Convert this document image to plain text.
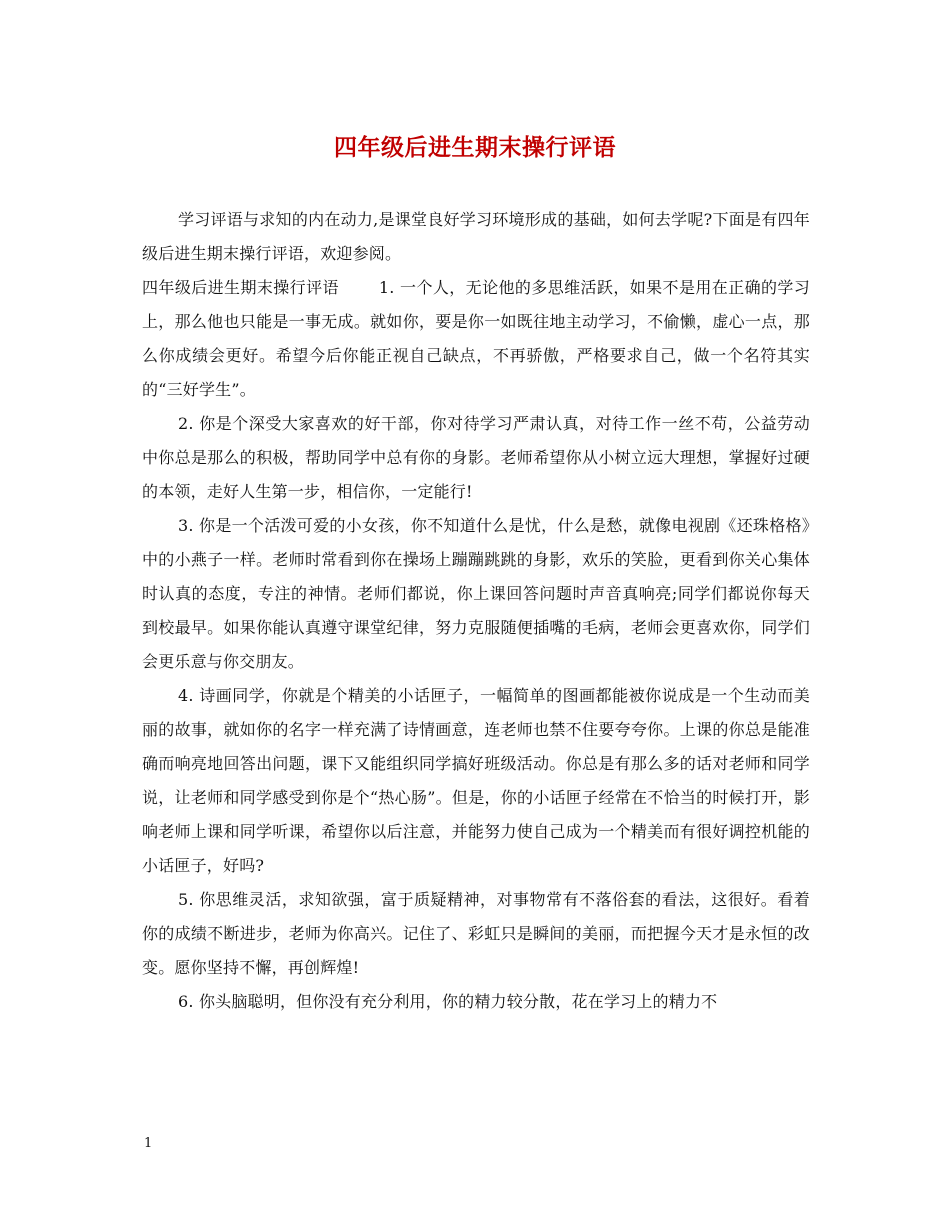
四年级后进生期末操行评语

学习评语与求知的内在动力,是课堂良好学习环境形成的基础，如何去学呢?下面是有四年级后进生期末操行评语，欢迎参阅。

四年级后进生期末操行评语	1. 一个人，无论他的多思维活跃，如果不是用在正确的学习上，那么他也只能是一事无成。就如你，要是你一如既往地主动学习，不偷懒，虚心一点，那么你成绩会更好。希望今后你能正视自己缺点，不再骄傲，严格要求自己，做一个名符其实的“三好学生”。

2. 你是个深受大家喜欢的好干部，你对待学习严肃认真，对待工作一丝不苟，公益劳动中你总是那么的积极，帮助同学中总有你的身影。老师希望你从小树立远大理想，掌握好过硬的本领，走好人生第一步，相信你，一定能行!

3. 你是一个活泼可爱的小女孩，你不知道什么是忧，什么是愁，就像电视剧《还珠格格》中的小燕子一样。老师时常看到你在操场上蹦蹦跳跳的身影，欢乐的笑脸，更看到你关心集体时认真的态度，专注的神情。老师们都说，你上课回答问题时声音真响亮;同学们都说你每天到校最早。如果你能认真遵守课堂纪律，努力克服随便插嘴的毛病，老师会更喜欢你，同学们会更乐意与你交朋友。

4. 诗画同学，你就是个精美的小话匣子，一幅简单的图画都能被你说成是一个生动而美丽的故事，就如你的名字一样充满了诗情画意，连老师也禁不住要夸夸你。上课的你总是能准确而响亮地回答出问题，课下又能组织同学搞好班级活动。你总是有那么多的话对老师和同学说，让老师和同学感受到你是个“热心肠”。但是，你的小话匣子经常在不恰当的时候打开，影响老师上课和同学听课，希望你以后注意，并能努力使自己成为一个精美而有很好调控机能的小话匣子，好吗?

5. 你思维灵活，求知欲强，富于质疑精神，对事物常有不落俗套的看法，这很好。看着你的成绩不断进步，老师为你高兴。记住了、彩虹只是瞬间的美丽，而把握今天才是永恒的改变。愿你坚持不懈，再创辉煌!

6. 你头脑聪明，但你没有充分利用，你的精力较分散，花在学习上的精力不

1
